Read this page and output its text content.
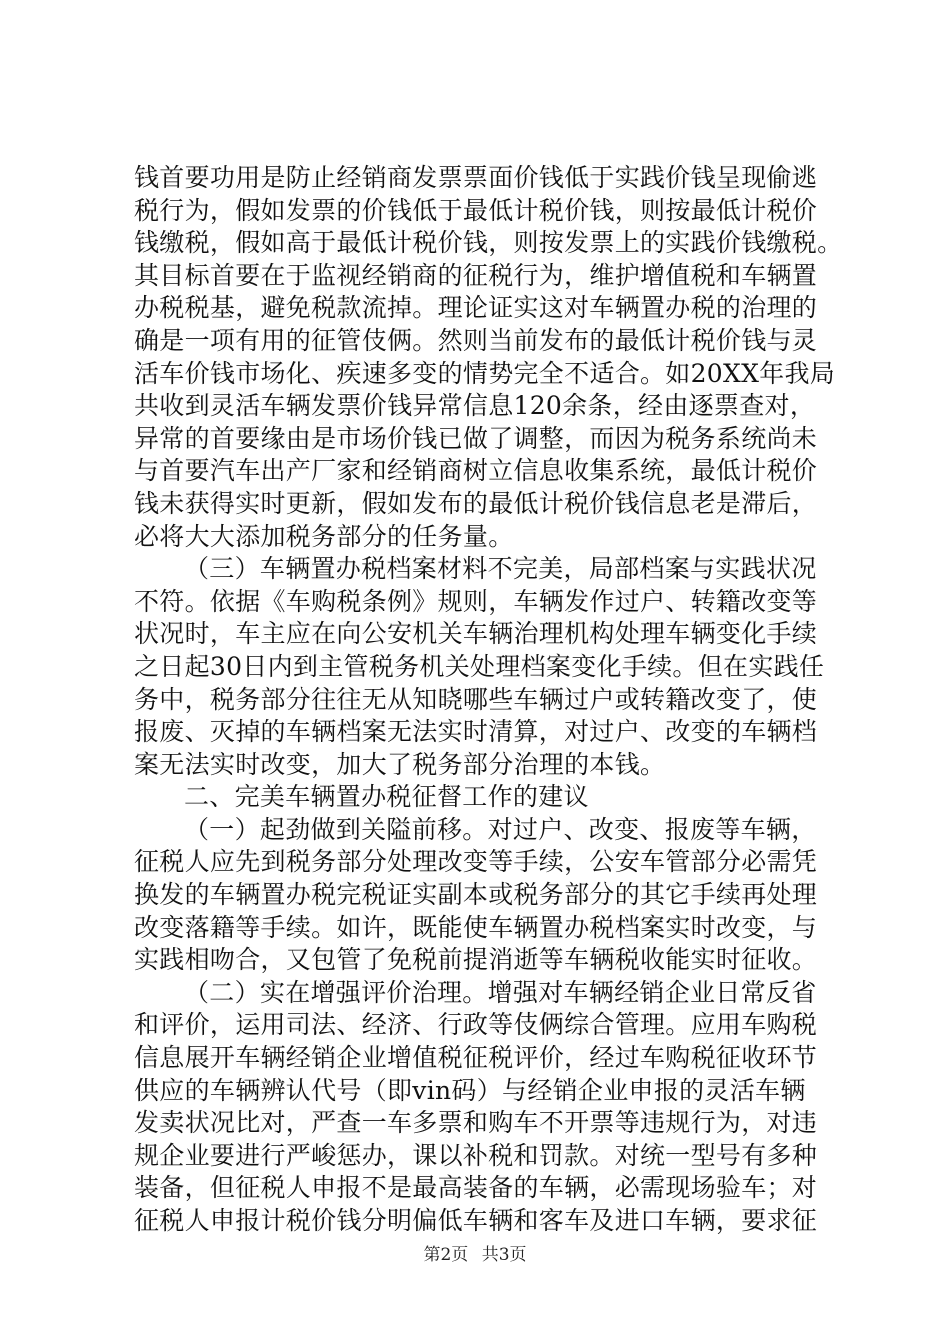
钱首要功用是防止经销商发票票面价钱低于实践价钱呈现偷逃
税行为，假如发票的价钱低于最低计税价钱，则按最低计税价
钱缴税，假如高于最低计税价钱，则按发票上的实践价钱缴税。
其目标首要在于监视经销商的征税行为，维护增值税和车辆置
办税税基，避免税款流掉。理论证实这对车辆置办税的治理的
确是一项有用的征管伎俩。然则当前发布的最低计税价钱与灵
活车价钱市场化、疾速多变的情势完全不适合。如20XX年我局
共收到灵活车辆发票价钱异常信息120余条，经由逐票查对，
异常的首要缘由是市场价钱已做了调整，而因为税务系统尚未
与首要汽车出产厂家和经销商树立信息收集系统，最低计税价
钱未获得实时更新，假如发布的最低计税价钱信息老是滞后，
必将大大添加税务部分的任务量。
（三）车辆置办税档案材料不完美，局部档案与实践状况
不符。依据《车购税条例》规则，车辆发作过户、转籍改变等
状况时，车主应在向公安机关车辆治理机构处理车辆变化手续
之日起30日内到主管税务机关处理档案变化手续。但在实践任
务中，税务部分往往无从知晓哪些车辆过户或转籍改变了，使
报废、灭掉的车辆档案无法实时清算，对过户、改变的车辆档
案无法实时改变，加大了税务部分治理的本钱。
二、完美车辆置办税征督工作的建议
（一）起劲做到关隘前移。对过户、改变、报废等车辆，
征税人应先到税务部分处理改变等手续，公安车管部分必需凭
换发的车辆置办税完税证实副本或税务部分的其它手续再处理
改变落籍等手续。如许，既能使车辆置办税档案实时改变，与
实践相吻合，又包管了免税前提消逝等车辆税收能实时征收。
（二）实在增强评价治理。增强对车辆经销企业日常反省
和评价，运用司法、经济、行政等伎俩综合管理。应用车购税
信息展开车辆经销企业增值税征税评价，经过车购税征收环节
供应的车辆辨认代号（即vin码）与经销企业申报的灵活车辆
发卖状况比对，严查一车多票和购车不开票等违规行为，对违
规企业要进行严峻惩办，课以补税和罚款。对统一型号有多种
装备，但征税人申报不是最高装备的车辆，必需现场验车；对
征税人申报计税价钱分明偏低车辆和客车及进口车辆，要求征
第2页 共3页
